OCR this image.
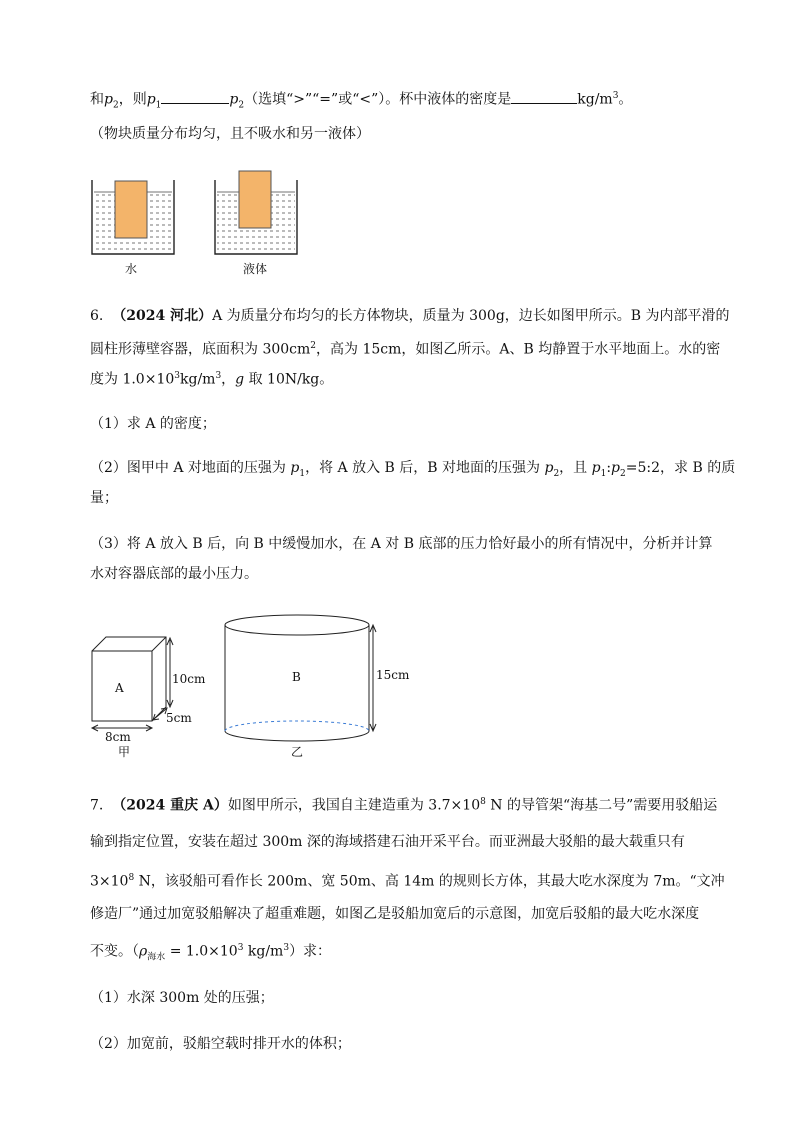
和$p_2$，则$p_1$	$p_2$（选填“>”“=”或“<”）。杯中液体的密度是	$kg/m^3$。
（物块质量分布均匀，且不吸水和另一液体）
水	液体
6. （2024 河北）A 为质量分布均匀的长方体物块，质量为 300g，边长如图甲所示。B 为内部平滑的
圆柱形薄壁容器，底面积为 $300cm^2$，高为 15cm，如图乙所示。A、B 均静置于水平地面上。水的密
度为 $1.0\times 10^3kg/m^3$，g 取 10N/kg。
（1）求 A 的密度；
（2）图甲中 A 对地面的压强为 $p_1$，将 A 放入 B 后，B 对地面的压强为 $p_2$，且 $p_1:p_2=5:2$，求 B 的质
量；
（3）将 A 放入 B 后，向 B 中缓慢加水，在 A 对 B 底部的压力恰好最小的所有情况中，分析并计算
水对容器底部的最小压力。
A
10cm
5cm
8cm
甲
B	15cm
乙
7. （2024 重庆 A）如图甲所示，我国自主建造重为 $3.7\times 10^8$ N 的导管架“海基二号”需要用驳船运
输到指定位置，安装在超过 300m 深的海域搭建石油开采平台。而亚洲最大驳船的最大载重只有
$3\times 10^8$ N，该驳船可看作长 200m、宽 50m、高 14m 的规则长方体，其最大吃水深度为 7m。“文冲
修造厂”通过加宽驳船解决了超重难题，如图乙是驳船加宽后的示意图，加宽后驳船的最大吃水深度
不变。（$\rho_{海水} = 1.0\times 10^3$ $kg/m^3$）求：
（1）水深 300m 处的压强；
（2）加宽前，驳船空载时排开水的体积；
